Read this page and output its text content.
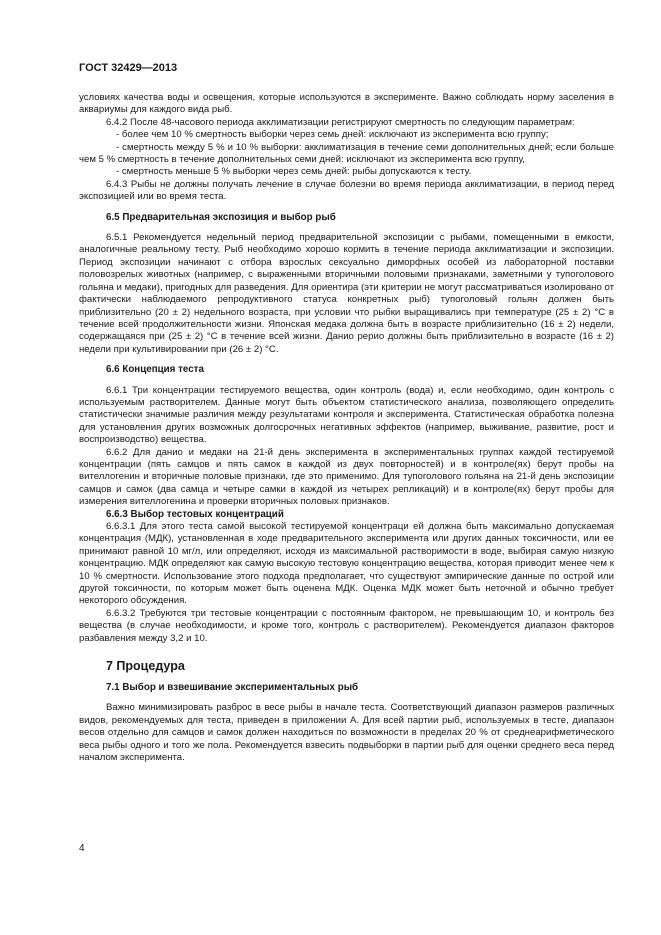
ГОСТ 32429—2013

условиях качества воды и освещения, которые используются в эксперименте. Важно соблюдать норму заселения в аквариумы для каждого вида рыб.

6.4.2 После 48-часового периода акклиматизации регистрируют смертность по следующим параметрам:

- более чем 10 % смертность выборки через семь дней: исключают из эксперимента всю группу;

- смертность между 5 % и 10 % выборки: акклиматизация в течение семи дополнительных дней; если больше чем 5 % смертность в течение дополнительных семи дней: исключают из эксперимента всю группу,

- смертность меньше 5 % выборки через семь дней: рыбы допускаются к тесту.

6.4.3 Рыбы не должны получать лечение в случае болезни во время периода акклиматизации, в период перед экспозицией или во время теста.

6.5 Предварительная экспозиция и выбор рыб

6.5.1 Рекомендуется недельный период предварительной экспозиции с рыбами, помещенными в емкости, аналогичные реальному тесту. Рыб необходимо хорошо кормить в течение периода акклиматизации и экспозиции. Период экспозиции начинают с отбора взрослых сексуально диморфных особей из лабораторной поставки половозрелых животных (например, с выраженными вторичными половыми признаками, заметными у тупоголового гольяна и медаки), пригодных для разведения. Для ориентира (эти критерии не могут рассматриваться изолировано от фактически наблюдаемого репродуктивного статуса конкретных рыб) тупоголовый гольян должен быть приблизительно (20 ± 2) недельного возраста, при условии что рыбки выращивались при температуре (25 ± 2) °С в течение всей продолжительности жизни. Японская медака должна быть в возрасте приблизительно (16 ± 2) недели, содержащаяся при (25 ± 2) °С в течение всей жизни. Данио рерио должны быть приблизительно в возрасте (16 ± 2) недели при культивировании при (26 ± 2) °С.

6.6 Концепция теста

6.6.1 Три концентрации тестируемого вещества, один контроль (вода) и, если необходимо, один контроль с используемым растворителем. Данные могут быть объектом статистического анализа, позволяющего определить статистически значимые различия между результатами контроля и эксперимента. Статистическая обработка полезна для установления других возможных долгосрочных негативных эффектов (например, выживание, развитие, рост и воспроизводство) вещества.

6.6.2 Для данио и медаки на 21-й день эксперимента в экспериментальных группах каждой тестируемой концентрации (пять самцов и пять самок в каждой из двух повторностей) и в контроле(ях) берут пробы на вителлогенин и вторичные половые признаки, где это применимо. Для тупоголового гольяна на 21-й день экспозиции самцов и самок (два самца и четыре самки в каждой из четырех репликаций) и в контроле(ях) берут пробы для измерения вителлогенина и проверки вторичных половых признаков.

6.6.3 Выбор тестовых концентраций

6.6.3.1 Для этого теста самой высокой тестируемой концентраци ей должна быть максимально допускаемая концентрация (МДК), установленная в ходе предварительного эксперимента или других данных токсичности, или ее принимают равной 10 мг/л, или определяют, исходя из максимальной растворимости в воде, выбирая самую низкую концентрацию. МДК определяют как самую высокую тестовую концентрацию вещества, которая приводит менее чем к 10 % смертности. Использование этого подхода предполагает, что существуют эмпирические данные по острой или другой токсичности, по которым может быть оценена МДК. Оценка МДК может быть неточной и обычно требует некоторого обсуждения.

6.6.3.2 Требуются три тестовые концентрации с постоянным фактором, не превышающим 10, и контроль без вещества (в случае необходимости, и кроме того, контроль с растворителем). Рекомендуется диапазон факторов разбавления между 3,2 и 10.

7 Процедура
7.1 Выбор и взвешивание экспериментальных рыб

Важно минимизировать разброс в весе рыбы в начале теста. Соответствующий диапазон размеров различных видов, рекомендуемых для теста, приведен в приложении А. Для всей партии рыб, используемых в тесте, диапазон весов отдельно для самцов и самок должен находиться по возможности в пределах 20 % от среднеарифметического веса рыбы одного и того же пола. Рекомендуется взвесить подвыборки в партии рыб для оценки среднего веса перед началом эксперимента.

4
